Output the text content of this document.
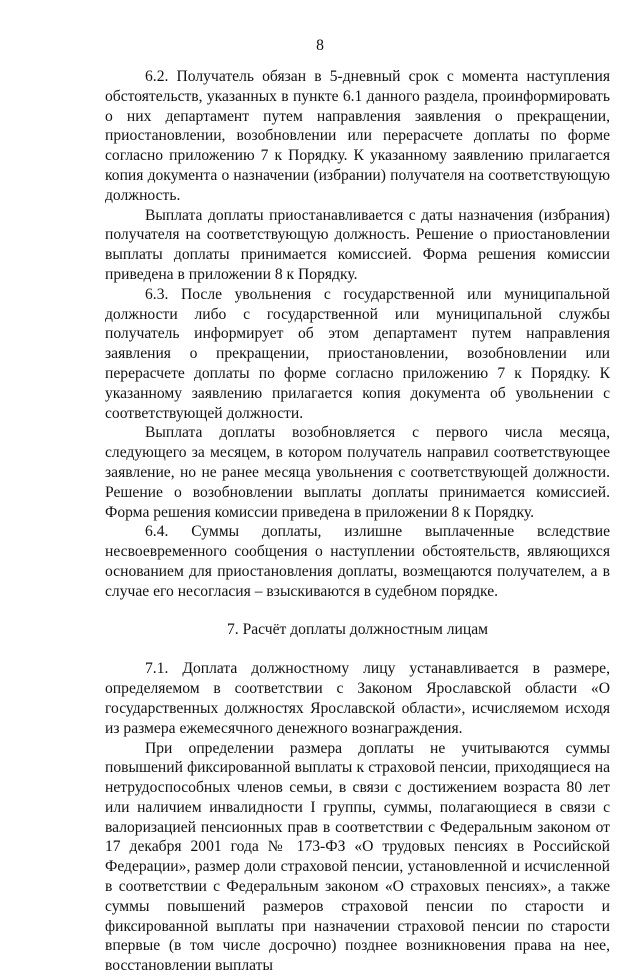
8

6.2. Получатель обязан в 5-дневный срок с момента наступления обстоятельств, указанных в пункте 6.1 данного раздела, проинформировать о них департамент путем направления заявления о прекращении, приостановлении, возобновлении или перерасчете доплаты по форме согласно приложению 7 к Порядку. К указанному заявлению прилагается копия документа о назначении (избрании) получателя на соответствующую должность.

Выплата доплаты приостанавливается с даты назначения (избрания) получателя на соответствующую должность. Решение о приостановлении выплаты доплаты принимается комиссией. Форма решения комиссии приведена в приложении 8 к Порядку.

6.3. После увольнения с государственной или муниципальной должности либо с государственной или муниципальной службы получатель информирует об этом департамент путем направления заявления о прекращении, приостановлении, возобновлении или перерасчете доплаты по форме согласно приложению 7 к Порядку. К указанному заявлению прилагается копия документа об увольнении с соответствующей должности.

Выплата доплаты возобновляется с первого числа месяца, следующего за месяцем, в котором получатель направил соответствующее заявление, но не ранее месяца увольнения с соответствующей должности. Решение о возобновлении выплаты доплаты принимается комиссией. Форма решения комиссии приведена в приложении 8 к Порядку.

6.4. Суммы доплаты, излишне выплаченные вследствие несвоевременного сообщения о наступлении обстоятельств, являющихся основанием для приостановления доплаты, возмещаются получателем, а в случае его несогласия – взыскиваются в судебном порядке.

7. Расчёт доплаты должностным лицам

7.1. Доплата должностному лицу устанавливается в размере, определяемом в соответствии с Законом Ярославской области «О государственных должностях Ярославской области», исчисляемом исходя из размера ежемесячного денежного вознаграждения.

При определении размера доплаты не учитываются суммы повышений фиксированной выплаты к страховой пенсии, приходящиеся на нетрудоспособных членов семьи, в связи с достижением возраста 80 лет или наличием инвалидности I группы, суммы, полагающиеся в связи с валоризацией пенсионных прав в соответствии с Федеральным законом от 17 декабря 2001 года № 173-ФЗ «О трудовых пенсиях в Российской Федерации», размер доли страховой пенсии, установленной и исчисленной в соответствии с Федеральным законом «О страховых пенсиях», а также суммы повышений размеров страховой пенсии по старости и фиксированной выплаты при назначении страховой пенсии по старости впервые (в том числе досрочно) позднее возникновения права на нее, восстановлении выплаты
